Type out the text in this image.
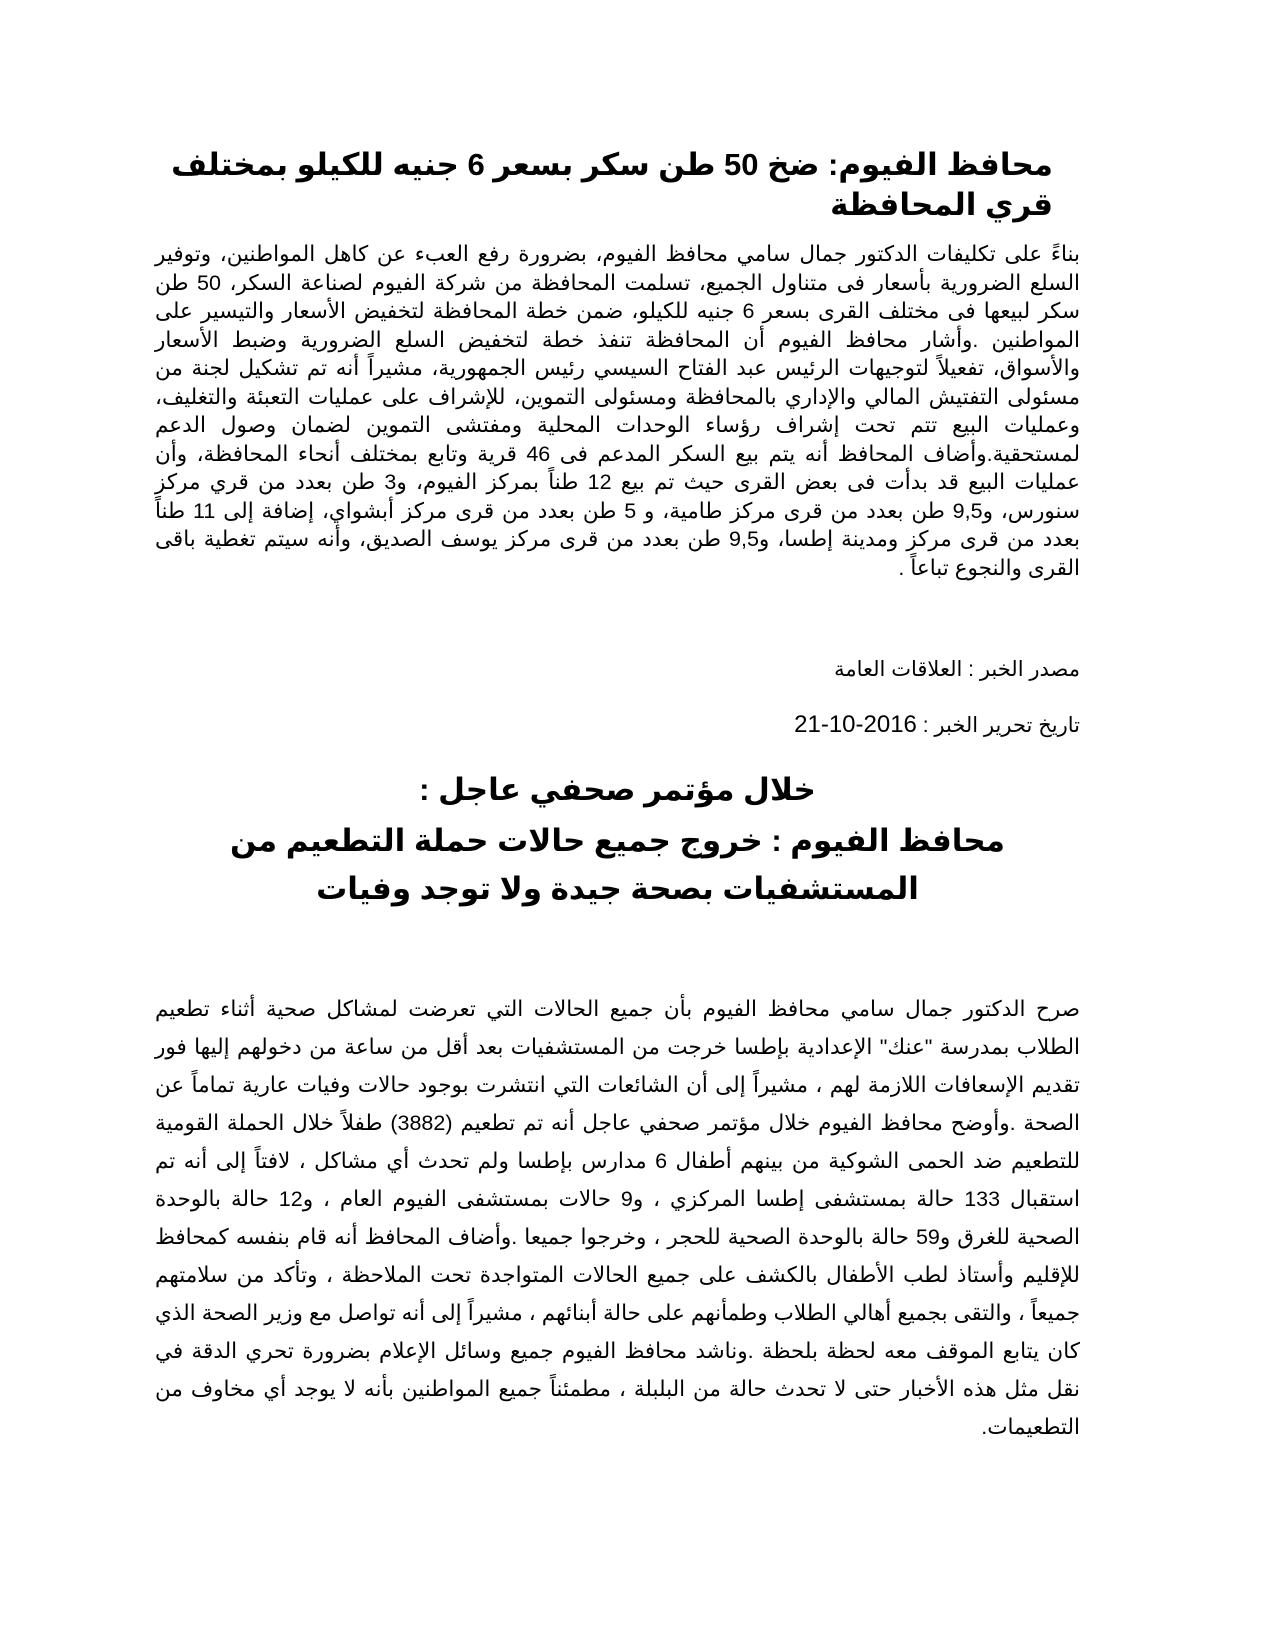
محافظ الفيوم: ضخ 50 طن سكر بسعر 6 جنيه للكيلو بمختلف قري المحافظة
بناءً على تكليفات الدكتور جمال سامي محافظ الفيوم، بضرورة رفع العبء عن كاهل المواطنين، وتوفير السلع الضرورية بأسعار فى متناول الجميع، تسلمت المحافظة من شركة الفيوم لصناعة السكر، 50 طن سكر لبيعها فى مختلف القرى بسعر 6 جنيه للكيلو، ضمن خطة المحافظة لتخفيض الأسعار والتيسير على المواطنين .وأشار محافظ الفيوم أن المحافظة تنفذ خطة لتخفيض السلع الضرورية وضبط الأسعار والأسواق، تفعيلاً لتوجيهات الرئيس عبد الفتاح السيسي رئيس الجمهورية، مشيراً أنه تم تشكيل لجنة من مسئولى التفتيش المالي والإداري بالمحافظة ومسئولى التموين، للإشراف على عمليات التعبئة والتغليف، وعمليات البيع تتم تحت إشراف رؤساء الوحدات المحلية ومفتشى التموين لضمان وصول الدعم لمستحقية.وأضاف المحافظ أنه يتم بيع السكر المدعم فى 46 قرية وتابع بمختلف أنحاء المحافظة، وأن عمليات البيع قد بدأت فى بعض القرى حيث تم بيع 12 طناً بمركز الفيوم، و3 طن بعدد من قري مركز سنورس، و9,5 طن بعدد من قرى مركز طامية، و 5 طن بعدد من قرى مركز أبشواي، إضافة إلى 11 طناً بعدد من قرى مركز ومدينة إطسا، و9,5 طن بعدد من قرى مركز يوسف الصديق، وأنه سيتم تغطية باقى القرى والنجوع تباعاً .
مصدر الخبر : العلاقات العامة
تاريخ تحرير الخبر : 2016-10-21
خلال مؤتمر صحفي عاجل :
محافظ الفيوم : خروج جميع حالات حملة التطعيم من المستشفيات بصحة جيدة ولا توجد وفيات
صرح الدكتور جمال سامي محافظ الفيوم بأن جميع الحالات التي تعرضت لمشاكل صحية أثناء تطعيم الطلاب بمدرسة "عنك" الإعدادية بإطسا خرجت من المستشفيات بعد أقل من ساعة من دخولهم إليها فور تقديم الإسعافات اللازمة لهم ، مشيراً إلى أن الشائعات التي انتشرت بوجود حالات وفيات عارية تماماً عن الصحة .وأوضح محافظ الفيوم خلال مؤتمر صحفي عاجل أنه تم تطعيم (3882) طفلاً خلال الحملة القومية للتطعيم ضد الحمى الشوكية من بينهم أطفال 6 مدارس بإطسا ولم تحدث أي مشاكل ، لافتاً إلى أنه تم استقبال 133 حالة بمستشفى إطسا المركزي ، و9 حالات بمستشفى الفيوم العام ، و12 حالة بالوحدة الصحية للغرق و59 حالة بالوحدة الصحية للحجر ، وخرجوا جميعا .وأضاف المحافظ أنه قام بنفسه كمحافظ للإقليم وأستاذ لطب الأطفال بالكشف على جميع الحالات المتواجدة تحت الملاحظة ، وتأكد من سلامتهم جميعاً ، والتقى بجميع أهالي الطلاب وطمأنهم على حالة أبنائهم ، مشيراً إلى أنه تواصل مع وزير الصحة الذي كان يتابع الموقف معه لحظة بلحظة .وناشد محافظ الفيوم جميع وسائل الإعلام بضرورة تحري الدقة في نقل مثل هذه الأخبار حتى لا تحدث حالة من البلبلة ، مطمئناً جميع المواطنين بأنه لا يوجد أي مخاوف من التطعيمات.
